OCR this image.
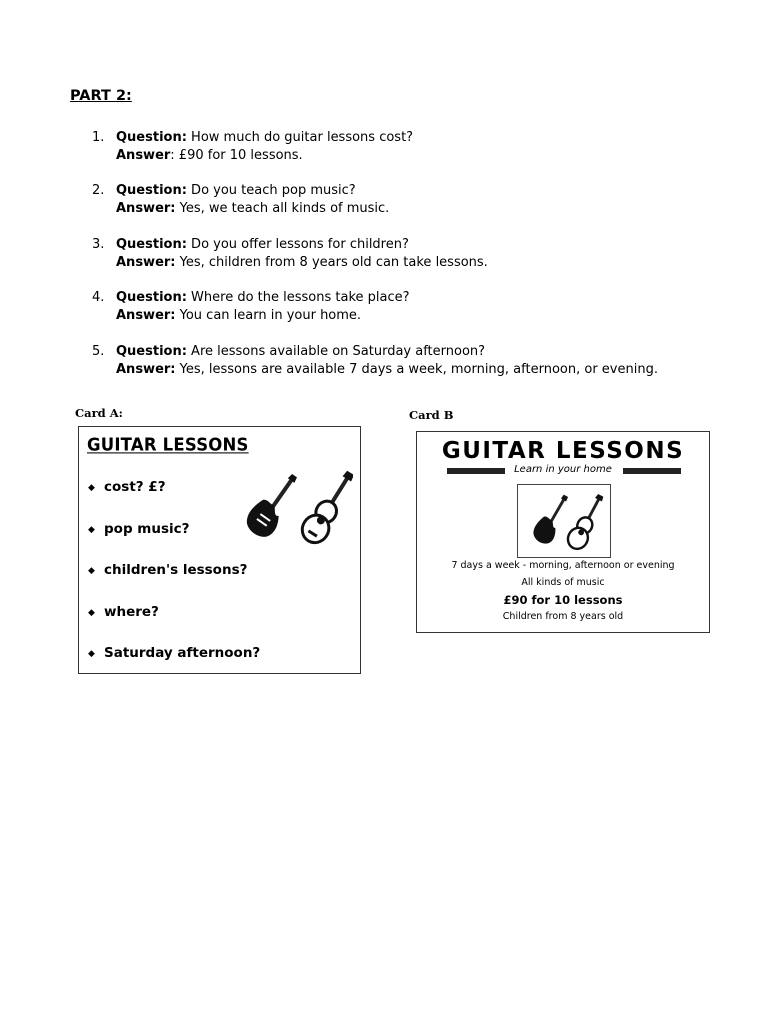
PART 2:
1. Question: How much do guitar lessons cost?
Answer: £90 for 10 lessons.
2. Question: Do you teach pop music?
Answer: Yes, we teach all kinds of music.
3. Question: Do you offer lessons for children?
Answer: Yes, children from 8 years old can take lessons.
4. Question: Where do the lessons take place?
Answer: You can learn in your home.
5. Question: Are lessons available on Saturday afternoon?
Answer: Yes, lessons are available 7 days a week, morning, afternoon, or evening.
Card A:
GUITAR LESSONS
◆ cost? £?
◆ pop music?
◆ children's lessons?
◆ where?
◆ Saturday afternoon?
Card B
GUITAR LESSONS
Learn in your home
7 days a week - morning, afternoon or evening
All kinds of music
£90 for 10 lessons
Children from 8 years old
